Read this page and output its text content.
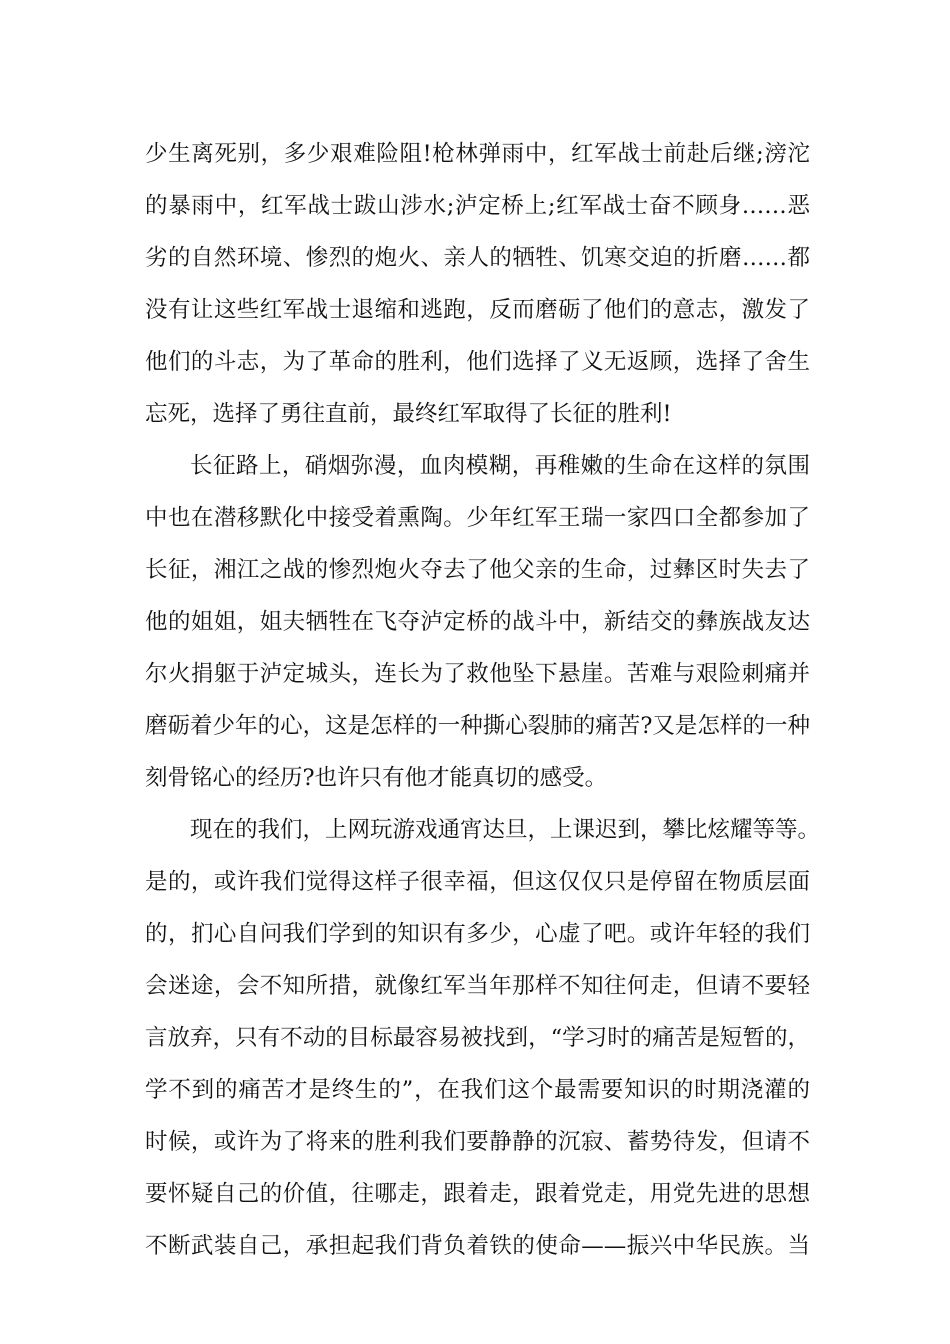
少生离死别，多少艰难险阻!枪林弹雨中，红军战士前赴后继;滂沱
的暴雨中，红军战士跋山涉水;泸定桥上;红军战士奋不顾身……恶
劣的自然环境、惨烈的炮火、亲人的牺牲、饥寒交迫的折磨……都
没有让这些红军战士退缩和逃跑，反而磨砺了他们的意志，激发了
他们的斗志，为了革命的胜利，他们选择了义无返顾，选择了舍生
忘死，选择了勇往直前，最终红军取得了长征的胜利!
长征路上，硝烟弥漫，血肉模糊，再稚嫩的生命在这样的氛围
中也在潜移默化中接受着熏陶。少年红军王瑞一家四口全都参加了
长征，湘江之战的惨烈炮火夺去了他父亲的生命，过彝区时失去了
他的姐姐，姐夫牺牲在飞夺泸定桥的战斗中，新结交的彝族战友达
尔火捐躯于泸定城头，连长为了救他坠下悬崖。苦难与艰险刺痛并
磨砺着少年的心，这是怎样的一种撕心裂肺的痛苦?又是怎样的一种
刻骨铭心的经历?也许只有他才能真切的感受。
现在的我们，上网玩游戏通宵达旦，上课迟到，攀比炫耀等等。
是的，或许我们觉得这样子很幸福，但这仅仅只是停留在物质层面
的，扪心自问我们学到的知识有多少，心虚了吧。或许年轻的我们
会迷途，会不知所措，就像红军当年那样不知往何走，但请不要轻
言放弃，只有不动的目标最容易被找到，“学习时的痛苦是短暂的，
学不到的痛苦才是终生的”，在我们这个最需要知识的时期浇灌的
时候，或许为了将来的胜利我们要静静的沉寂、蓄势待发，但请不
要怀疑自己的价值，往哪走，跟着走，跟着党走，用党先进的思想
不断武装自己，承担起我们背负着铁的使命——振兴中华民族。当
